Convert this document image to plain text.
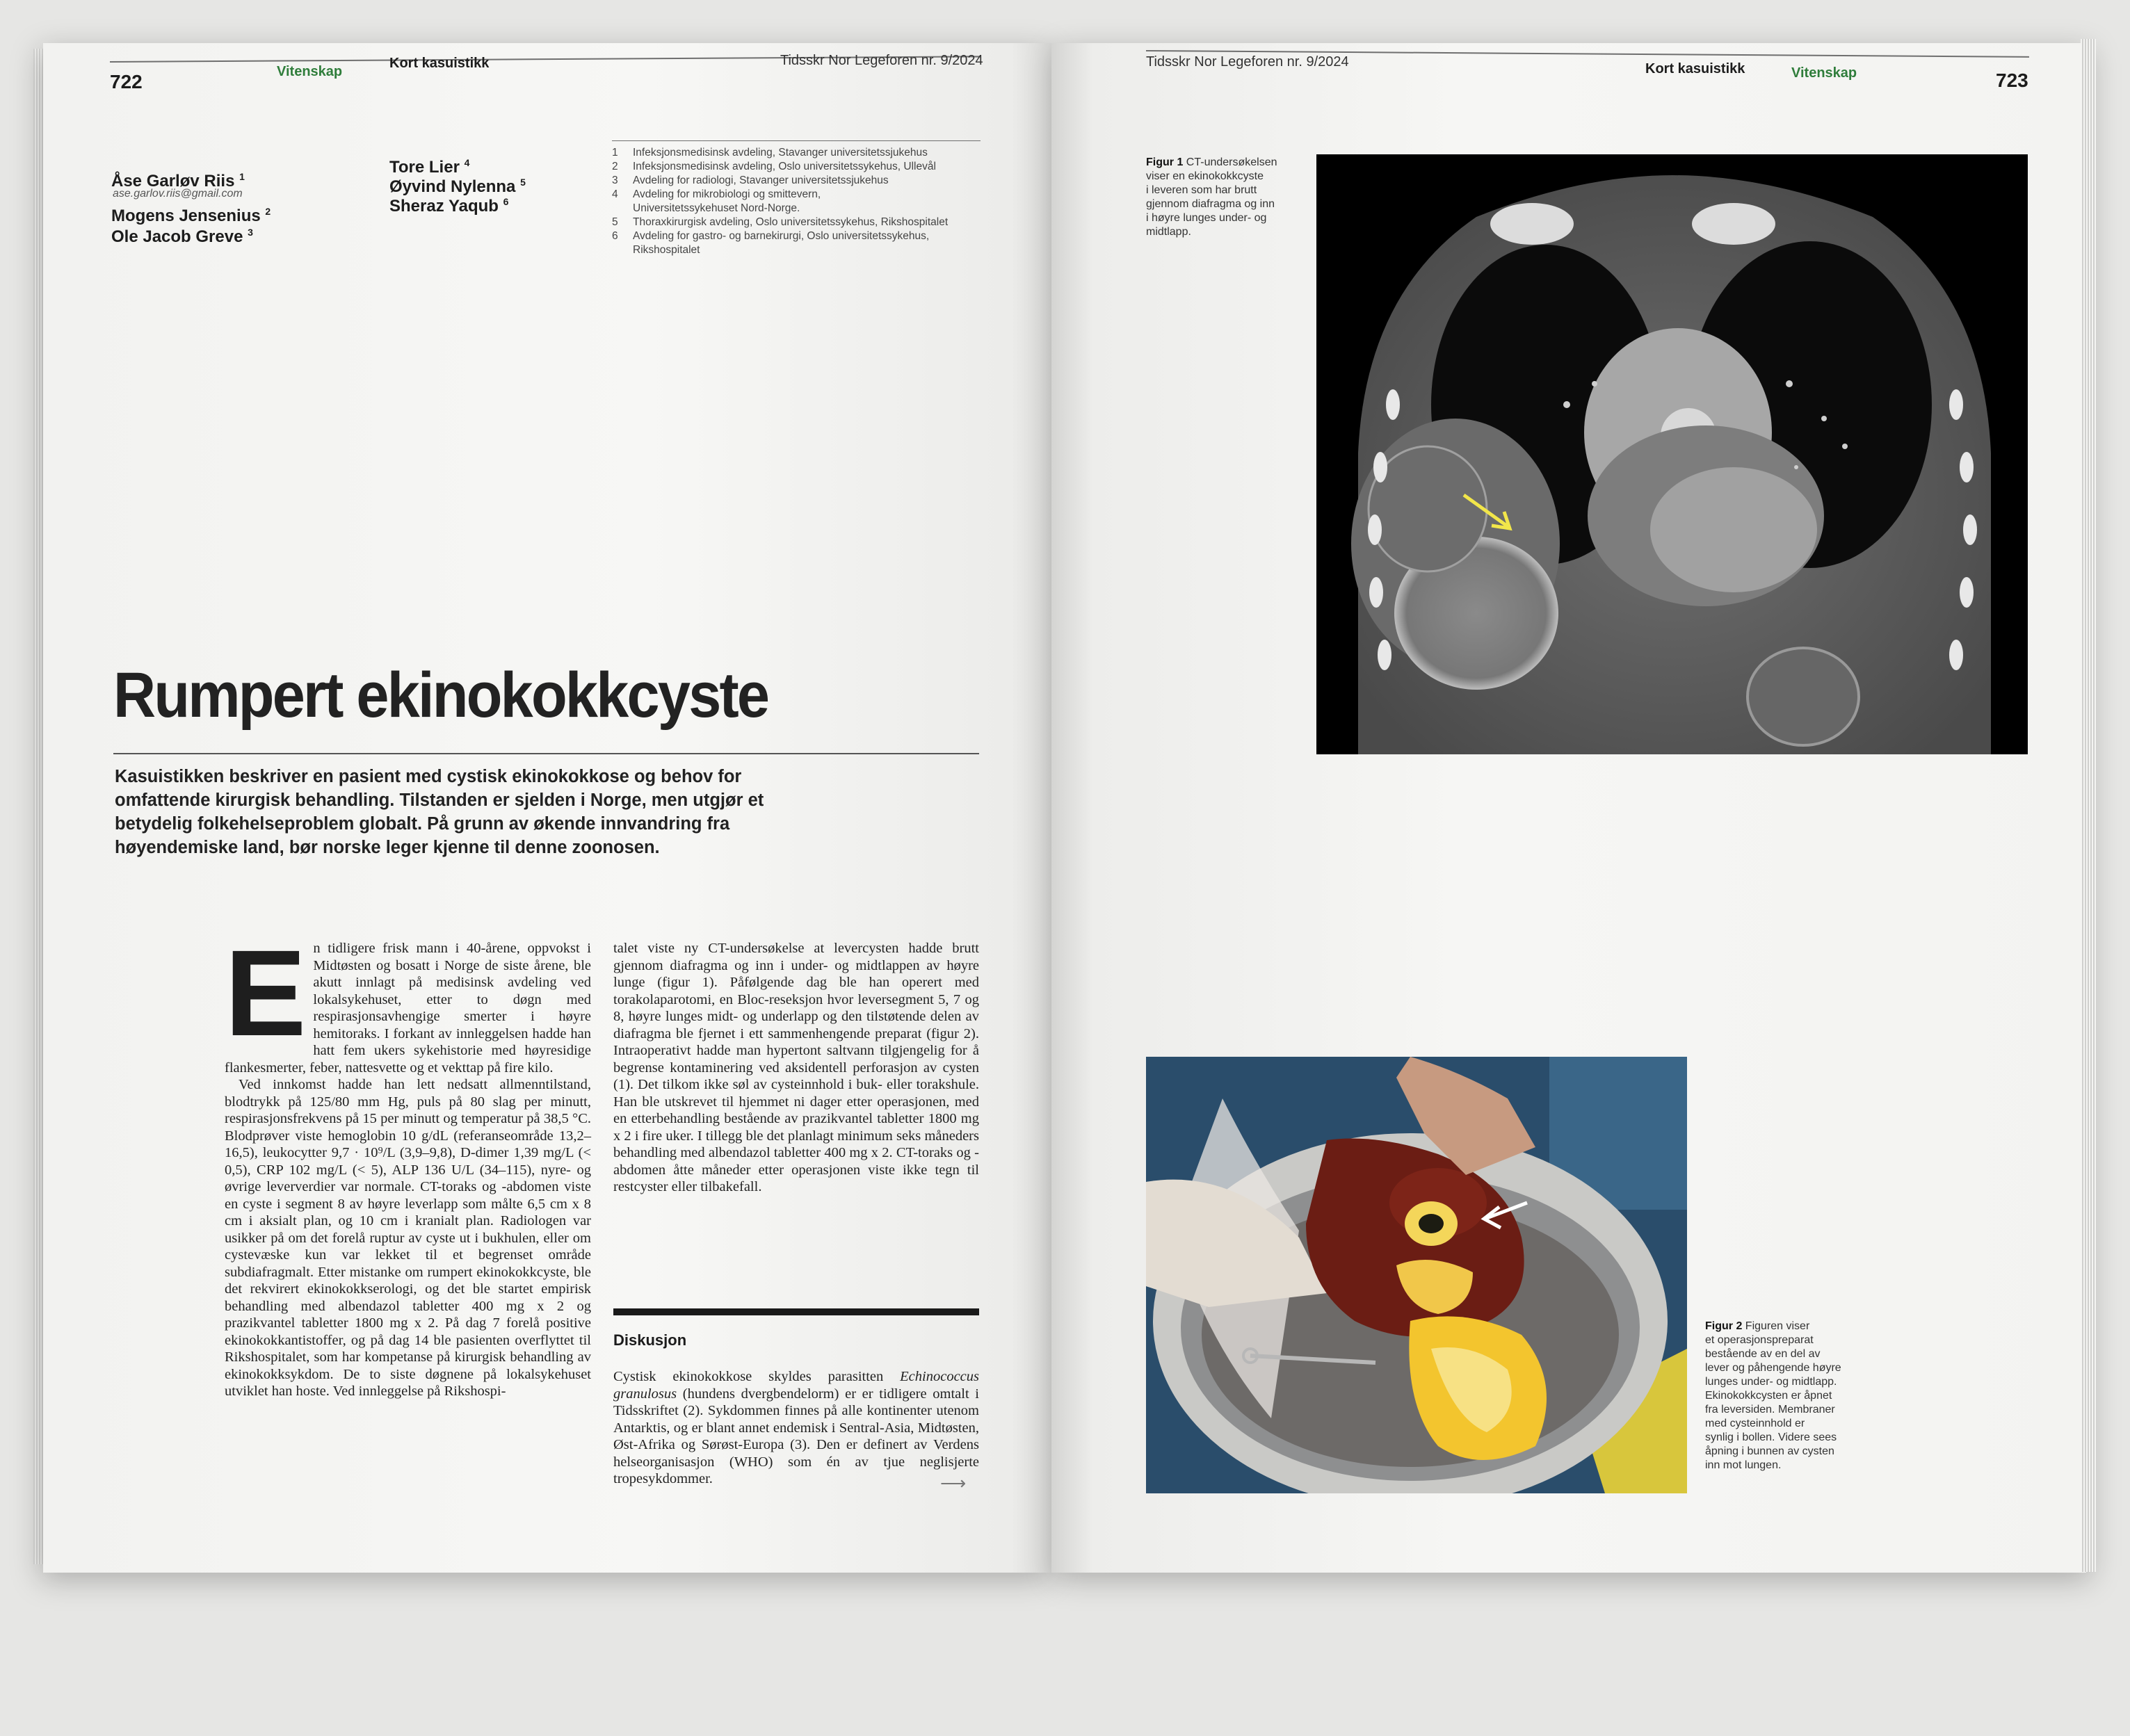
722	Vitenskap
Kort kasuistikk	Tidsskr Nor Legeforen nr. 9/2024
Åse Garløv Riis $^1$
ase.garlov.riis@gmail.com
Mogens Jensenius $^2$
Ole Jacob Greve $^3$
Tore Lier $^4$
Øyvind Nylenna $^5$
Sheraz Yaqub $^6$
1	Infeksjonsmedisinsk avdeling, Stavanger universitetssjukehus
2	Infeksjonsmedisinsk avdeling, Oslo universitetssykehus, Ullevål
3	Avdeling for radiologi, Stavanger universitetssjukehus
4	Avdeling for mikrobiologi og smittevern,
Universitetssykehuset Nord-Norge.
5	Thoraxkirurgisk avdeling, Oslo universitetssykehus, Rikshospitalet
6	Avdeling for gastro- og barnekirurgi, Oslo universitetssykehus,
Rikshospitalet
Rumpert ekinokokkcyste
Kasuistikken beskriver en pasient med cystisk ekinokokkose og behov for omfattende kirurgisk behandling. Tilstanden er sjelden i Norge, men utgjør et betydelig folkehelseproblem globalt. På grunn av økende innvandring fra høyendemiske land, bør norske leger kjenne til denne zoonosen.

En tidligere frisk mann i 40-årene, oppvokst i Midtøsten og bosatt i Norge de siste årene, ble akutt innlagt på medisinsk avdeling ved lokalsykehuset, etter to døgn med respirasjonsavhengige smerter i høyre hemitoraks. I forkant av innleggelsen hadde han hatt fem ukers sykehistorie med høyresidige flankesmerter, feber, nattesvette og et vekttap på fire kilo.

Ved innkomst hadde han lett nedsatt allmenntilstand, blodtrykk på 125/80 mm Hg, puls på 80 slag per minutt, respirasjonsfrekvens på 15 per minutt og temperatur på 38,5 °C. Blodprøver viste hemoglobin 10 g/dL (referanseområde 13,2–16,5), leukocytter 9,7 · 10⁹/L (3,9–9,8), D-dimer 1,39 mg/L (< 0,5), CRP 102 mg/L (< 5), ALP 136 U/L (34–115), nyre- og øvrige leververdier var normale. CT-toraks og -abdomen viste en cyste i segment 8 av høyre leverlapp som målte 6,5 cm x 8 cm i aksialt plan, og 10 cm i kranialt plan. Radiologen var usikker på om det forelå ruptur av cyste ut i bukhulen, eller om cystevæske kun var lekket til et begrenset område subdiafragmalt. Etter mistanke om rumpert ekinokokkcyste, ble det rekvirert ekinokokkserologi, og det ble startet empirisk behandling med albendazol tabletter 400 mg x 2 og prazikvantel tabletter 1800 mg x 2. På dag 7 forelå positive ekinokokkantistoffer, og på dag 14 ble pasienten overflyttet til Rikshospitalet, som har kompetanse på kirurgisk behandling av ekinokokksykdom. De to siste døgnene på lokalsykehuset utviklet han hoste. Ved innleggelse på Rikshospi-

talet viste ny CT-undersøkelse at levercysten hadde brutt gjennom diafragma og inn i under- og midtlappen av høyre lunge (figur 1). Påfølgende dag ble han operert med torakolaparotomi, en Bloc-reseksjon hvor leversegment 5, 7 og 8, høyre lunges midt- og underlapp og den tilstøtende delen av diafragma ble fjernet i ett sammenhengende preparat (figur 2). Intraoperativt hadde man hypertont saltvann tilgjengelig for å begrense kontaminering ved aksidentell perforasjon av cysten (1). Det tilkom ikke søl av cysteinnhold i buk- eller torakshule. Han ble utskrevet til hjemmet ni dager etter operasjonen, med en etterbehandling bestående av prazikvantel tabletter 1800 mg x 2 i fire uker. I tillegg ble det planlagt minimum seks måneders behandling med albendazol tabletter 400 mg x 2. CT-toraks og -abdomen åtte måneder etter operasjonen viste ikke tegn til restcyster eller tilbakefall.

Diskusjon

Cystisk ekinokokkose skyldes parasitten Echinococcus granulosus (hundens dvergbendelorm) er er tidligere omtalt i Tidsskriftet (2). Sykdommen finnes på alle kontinenter utenom Antarktis, og er blant annet endemisk i Sentral-Asia, Midtøsten, Øst-Afrika og Sørøst-Europa (3). Den er definert av Verdens helseorganisasjon (WHO) som én av tjue neglisjerte tropesykdommer.	⟶
Tidsskr Nor Legeforen nr. 9/2024	Kort kasuistikk	Vitenskap	723
Figur 1 CT-undersøkelsen
viser en ekinokokkcyste
i leveren som har brutt
gjennom diafragma og inn
i høyre lunges under- og
midtlapp.
Figur 2 Figuren viser
et operasjonspreparat
bestående av en del av
lever og påhengende høyre
lunges under- og midtlapp.
Ekinokokkcysten er åpnet
fra leversiden. Membraner
med cysteinnhold er
synlig i bollen. Videre sees
åpning i bunnen av cysten
inn mot lungen.
